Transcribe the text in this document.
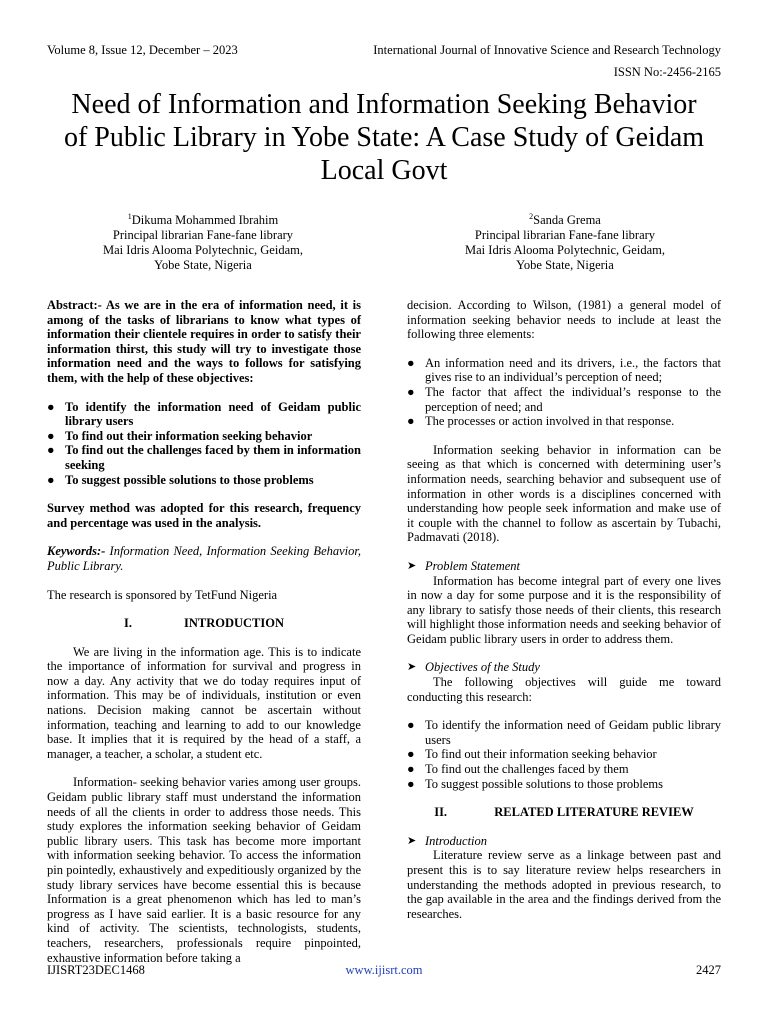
Volume 8, Issue 12, December – 2023	International Journal of Innovative Science and Research Technology
ISSN No:-2456-2165
Need of Information and Information Seeking Behavior of Public Library in Yobe State: A Case Study of Geidam Local Govt
$^1$Dikuma Mohammed Ibrahim
Principal librarian Fane-fane library
Mai Idris Alooma Polytechnic, Geidam,
Yobe State, Nigeria
$^2$Sanda Grema
Principal librarian Fane-fane library
Mai Idris Alooma Polytechnic, Geidam,
Yobe State, Nigeria

Abstract:- As we are in the era of information need, it is among of the tasks of librarians to know what types of information their clientele requires in order to satisfy their information thirst, this study will try to investigate those information need and the ways to follows for satisfying them, with the help of these objectives:

● To identify the information need of Geidam public library users
● To find out their information seeking behavior
● To find out the challenges faced by them in information seeking
● To suggest possible solutions to those problems

Survey method was adopted for this research, frequency and percentage was used in the analysis.

Keywords:- Information Need, Information Seeking Behavior, Public Library.

The research is sponsored by TetFund Nigeria

I.	INTRODUCTION

We are living in the information age. This is to indicate the importance of information for survival and progress in now a day. Any activity that we do today requires input of information. This may be of individuals, institution or even nations. Decision making cannot be ascertain without information, teaching and learning to add to our knowledge base. It implies that it is required by the head of a staff, a manager, a teacher, a scholar, a student etc.

Information- seeking behavior varies among user groups. Geidam public library staff must understand the information needs of all the clients in order to address those needs. This study explores the information seeking behavior of Geidam public library users. This task has become more important with information seeking behavior. To access the information pin pointedly, exhaustively and expeditiously organized by the study library services have become essential this is because Information is a great phenomenon which has led to man’s progress as I have said earlier. It is a basic resource for any kind of activity. The scientists, technologists, students, teachers, researchers, professionals require pinpointed, exhaustive information before taking a

decision. According to Wilson, (1981) a general model of information seeking behavior needs to include at least the following three elements:

● An information need and its drivers, i.e., the factors that gives rise to an individual’s perception of need;
● The factor that affect the individual’s response to the perception of need; and
● The processes or action involved in that response.

Information seeking behavior in information can be seeing as that which is concerned with determining user’s information needs, searching behavior and subsequent use of information in other words is a disciplines concerned with understanding how people seek information and make use of it couple with the channel to follow as ascertain by Tubachi, Padmavati (2018).

➤ Problem Statement

Information has become integral part of every one lives in now a day for some purpose and it is the responsibility of any library to satisfy those needs of their clients, this research will highlight those information needs and seeking behavior of Geidam public library users in order to address them.

➤ Objectives of the Study

The following objectives will guide me toward conducting this research:

● To identify the information need of Geidam public library users
● To find out their information seeking behavior
● To find out the challenges faced by them
● To suggest possible solutions to those problems
II.	RELATED LITERATURE REVIEW
➤ Introduction

Literature review serve as a linkage between past and present this is to say literature review helps researchers in understanding the methods adopted in previous research, to the gap available in the area and the findings derived from the researches.

IJISRT23DEC1468	www.ijisrt.com	2427
